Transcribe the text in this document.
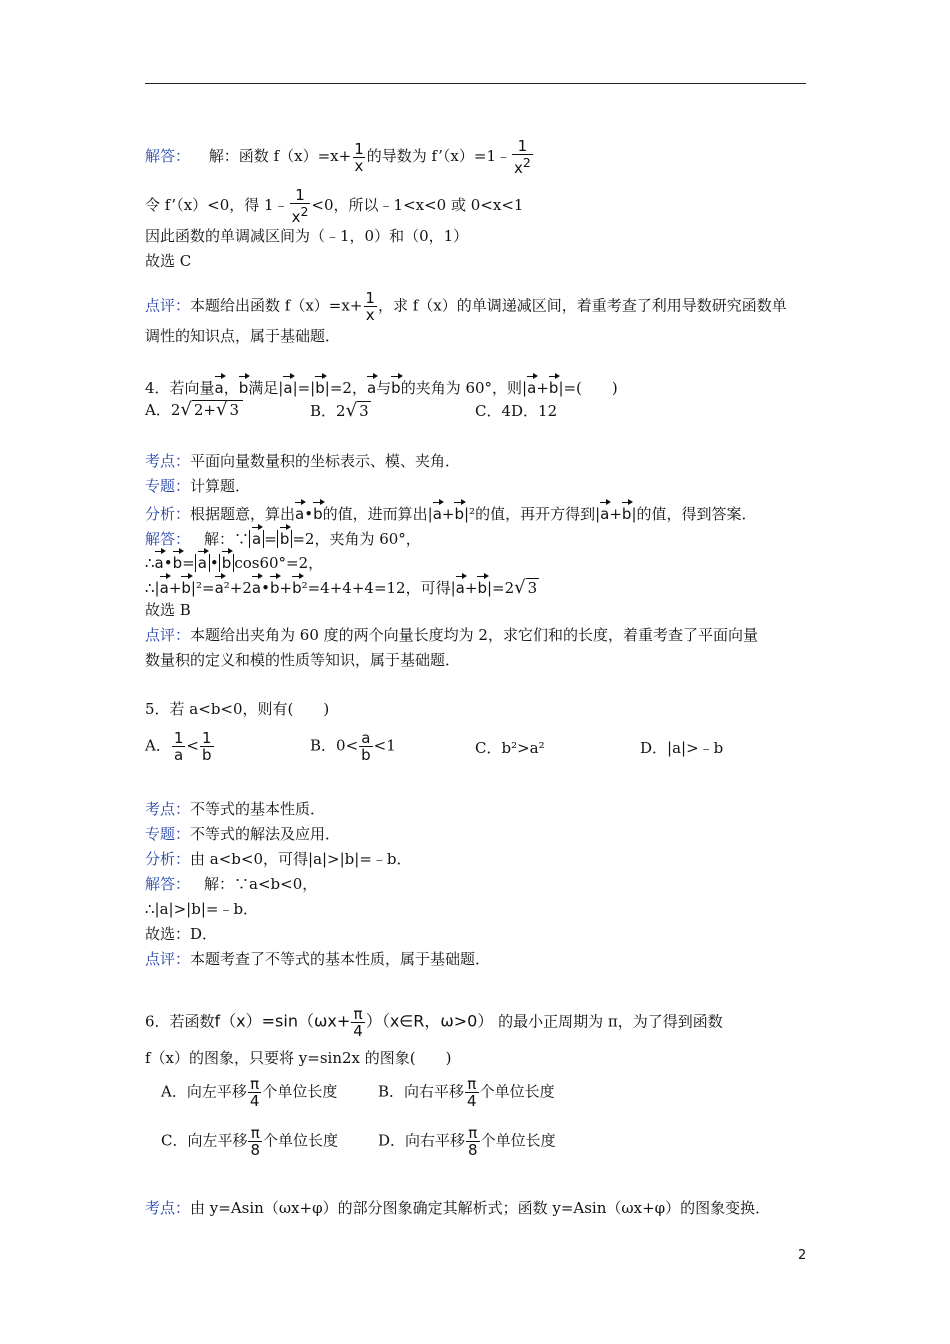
解答： 解：函数 $f(x)=x+ \frac{1}{x}$ 的导数为 f’（x）=1﹣ $\frac{1}{x^2}$
令 f’（x）<0，得 1﹣ $\frac{1}{x^2} <0$，所以﹣1<x<0 或 0<x<1
因此函数的单调减区间为（﹣1，0）和（0，1）
故选 C
点评：本题给出函数 $f(x)=x+ \frac{1}{x}$ ，求 f（x）的单调递减区间，着重考查了利用导数研究函数单
调性的知识点，属于基础题．
4．若向量a，b满足|a|=|b|=2，a与b的夹角为 60°，则|a+b|=(　　)
A．2√ 2+√ 3	B．2√ 3	C．4D．12
考点：平面向量数量积的坐标表示、模、夹角．
专题：计算题．
分析：根据题意，算出a•b的值，进而算出|a+b|²的值，再开方得到|a+b|的值，得到答案．
解答： 解：∵ a = b =2，夹角为 60°，
∴a•b= a • b cos60°=2，
∴|a+b|²=a²+2a•b+b²=4+4+4=12，可得|a+b|=2√ 3
故选 B
点评：本题给出夹角为 60 度的两个向量长度均为 2，求它们和的长度，着重考查了平面向量
数量积的定义和模的性质等知识，属于基础题．
5．若 a<b<0，则有(　　)
A． $\frac{1}{a} < \frac{1}{b}$	B．$0< \frac{a}{b} <1$	C．b²>a²	D．|a|>﹣b
考点：不等式的基本性质．
专题：不等式的解法及应用．
分析：由 a<b<0，可得|a|>|b|=﹣b．
解答： 解：∵a<b<0，
∴|a|>|b|=﹣b．
故选：D．
点评：本题考查了不等式的基本性质，属于基础题．
6．若函数$f(x)=\sin(\omega x+ \frac{\pi}{4}$ ）（x∈R，ω>0） 的最小正周期为 π，为了得到函数
f（x）的图象，只要将 y=sin2x 的图象(　　)
A．向左平移 $\frac{\pi}{4}$ 个单位长度	B．向右平移 $\frac{\pi}{4}$ 个单位长度
C．向左平移 $\frac{\pi}{8}$ 个单位长度	D．向右平移 $\frac{\pi}{8}$ 个单位长度
考点：由 y=Asin（ωx+φ）的部分图象确定其解析式；函数 y=Asin（ωx+φ）的图象变换．
2
